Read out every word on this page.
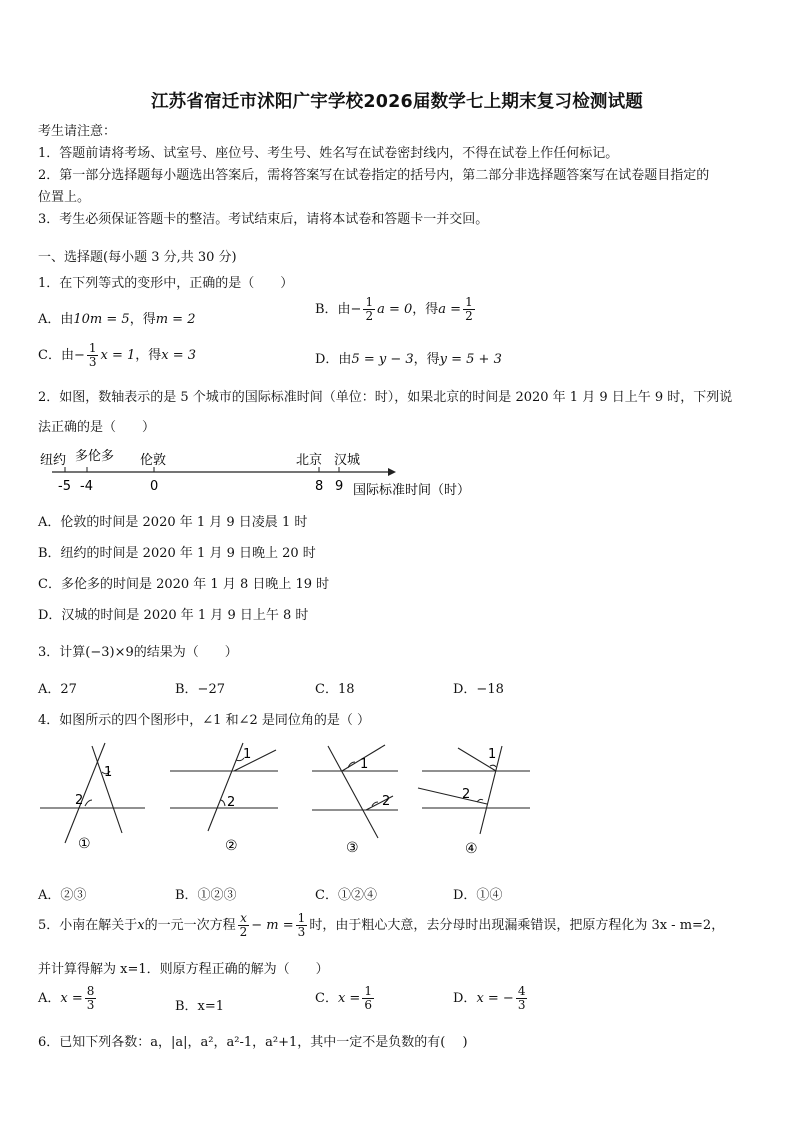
江苏省宿迁市沭阳广宇学校2026届数学七上期末复习检测试题
考生请注意：
1．答题前请将考场、试室号、座位号、考生号、姓名写在试卷密封线内，不得在试卷上作任何标记。
2．第一部分选择题每小题选出答案后，需将答案写在试卷指定的括号内，第二部分非选择题答案写在试卷题目指定的
位置上。
3．考生必须保证答题卡的整洁。考试结束后，请将本试卷和答题卡一并交回。
一、选择题(每小题 3 分,共 30 分)
1．在下列等式的变形中，正确的是（　　）
A．由10m = 5，得m = 2
B．由− $\frac{1}{2}$ a = 0，得$a = \frac{1}{2}$
C．由− $\frac{1}{3}$ x = 1，得x = 3	D．由5 = y − 3，得y = 5 + 3
2．如图，数轴表示的是 5 个城市的国际标准时间（单位：时），如果北京的时间是 2020 年 1 月 9 日上午 9 时，下列说
法正确的是（　　）
纽约 多伦多 伦敦	北京 汉城
-5 -4	0	8 9 国际标准时间（时）
A．伦敦的时间是 2020 年 1 月 9 日凌晨 1 时
B．纽约的时间是 2020 年 1 月 9 日晚上 20 时
C．多伦多的时间是 2020 年 1 月 8 日晚上 19 时
D．汉城的时间是 2020 年 1 月 9 日上午 8 时
3．计算(−3)×9的结果为（　　）
A．27	B．−27	C．18	D．−18
4．如图所示的四个图形中，∠1 和∠2 是同位角的是（ ）
1
2
①
1
2
②
1
2
③
1
2
④
A．②③	B．①②③	C．①②④	D．①④
5．小南在解关于x的一元一次方程 $\frac{x}{2} - m = \frac{1}{3}$ 时，由于粗心大意，去分母时出现漏乘错误，把原方程化为 3x - m=2，
并计算得解为 x=1．则原方程正确的解为（　　）
A．$x = \frac{8}{3}$	B．x=1
C．$x = \frac{1}{6}$	D．x = − $\frac{4}{3}$
6．已知下列各数：a，|a|，a²，a²-1，a²+1，其中一定不是负数的有(　 )
